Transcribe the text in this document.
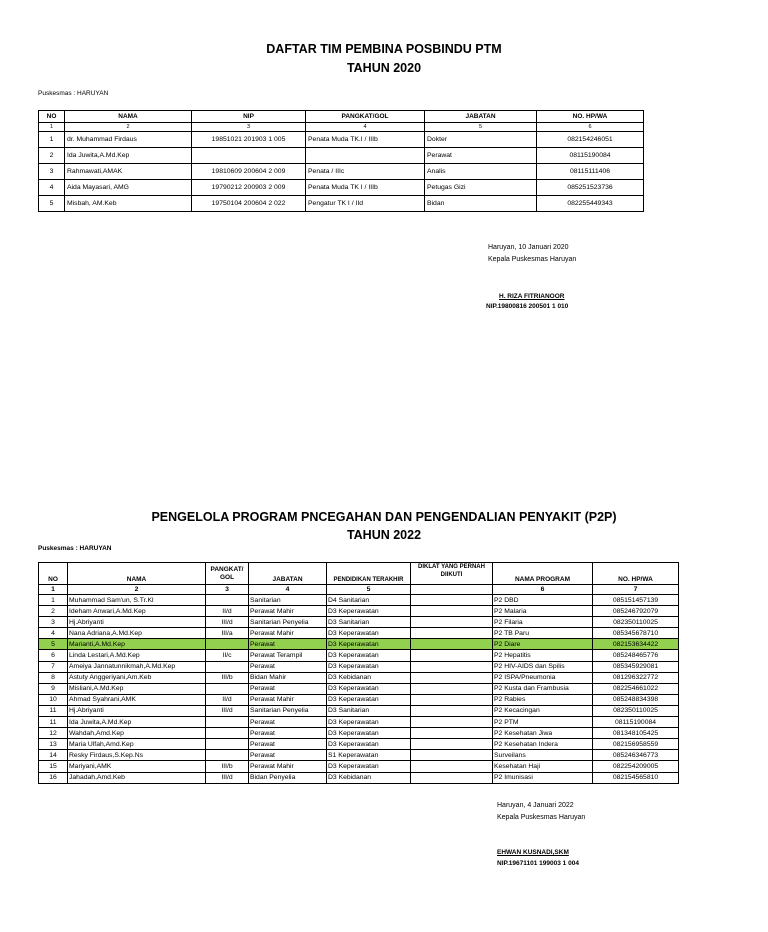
DAFTAR TIM PEMBINA POSBINDU PTM
TAHUN 2020
Puskesmas : HARUYAN
NO	NAMA	NIP	PANGKAT/GOL	JABATAN	NO. HP/WA
1	2	3	4	5	6
1	dr. Muhammad Firdaus	19851021 201903 1 005	Penata Muda TK.I / IIIb	Dokter	082154246051
2	Ida Juwita,A.Md.Kep			Perawat	08115190084
3	Rahmawati,AMAK	19810609 200604 2 009	Penata / IIIc	Analis	08115111406
4	Aida Mayasari, AMG	19790212 200903 2 009	Penata Muda TK I / IIIb	Petugas Gizi	085251523736
5	Misbah, AM.Keb	19750104 200604 2 022	Pengatur TK I / IId	Bidan	082255449343
Haruyan, 10 Januari 2020
Kepala Puskesmas Haruyan
H. RIZA FITRIANOOR
NIP.19800816 200501 1 010
PENGELOLA PROGRAM PNCEGAHAN DAN PENGENDALIAN PENYAKIT (P2P)
TAHUN 2022
Puskesmas : HARUYAN
NO	NAMA	PANGKAT/ GOL	JABATAN	PENDIDIKAN TERAKHIR	DIKLAT YANG PERNAH DIIKUTI	NAMA PROGRAM	NO. HP/WA
1	2	3	4	5		6	7
1	Muhammad Sam'un, S.Tr.Kl		Sanitarian	D4 Sanitarian		P2 DBD	085151457139
2	Ideham Anwari,A.Md.Kep	II/d	Perawat Mahir	D3 Keperawatan		P2 Malaria	085246792079
3	Hj.Abriyanti	III/d	Sanitarian Penyelia	D3 Sanitarian		P2 Filaria	082350110025
4	Nana Adriana,A.Md.Kep	III/a	Perawat Mahir	D3 Keperawatan		P2 TB Paru	085345678710
5	Marianti,A.Md.Kep		Perawat	D3 Keperawatan		P2 Diare	082153634422
6	Linda Lestari,A.Md.Kep	II/c	Perawat Terampil	D3 Keperawatan		P2 Hepatitis	085248465776
7	Ameiya Jannatunnikmah,A.Md.Kep		Perawat	D3 Keperawatan		P2 HIV-AIDS dan Spilis	085345929081
8	Astuty Anggeriyani,Am.Keb	III/b	Bidan Mahir	D3 Kebidanan		P2 ISPA/Pneumonia	081296322772
9	Misliani,A.Md.Kep		Perawat	D3 Keperawatan		P2 Kusta dan Frambusia	082254661022
10	Ahmad Syahrani,AMK	II/d	Perawat Mahir	D3 Keperawatan		P2 Rabies	085248834398
11	Hj.Abriyanti	III/d	Sanitarian Penyelia	D3 Sanitarian		P2 Kecacingan	082350110025
11	Ida Juwita,A.Md.Kep		Perawat	D3 Keperawatan		P2 PTM	08115190084
12	Wahdah,Amd.Kep		Perawat	D3 Keperawatan		P2 Kesehatan Jiwa	081348105425
13	Maria Ulfah,Amd.Kep		Perawat	D3 Keperawatan		P2 Kesehatan Indera	082156958559
14	Resky Firdaus,S.Kep.Ns		Perawat	S1 Keperawatan		Surveilans	085246346773
15	Mariyani,AMK	III/b	Perawat Mahir	D3 Keperawatan		Kesehatan Haji	082254209005
16	Jahadah,Amd.Keb	III/d	Bidan Penyelia	D3 Kebidanan		P2 Imunisasi	082154565810
Haruyan, 4 Januari 2022
Kepala Puskesmas Haruyan
EHWAN KUSNADI,SKM
NIP.19671101 199003 1 004
